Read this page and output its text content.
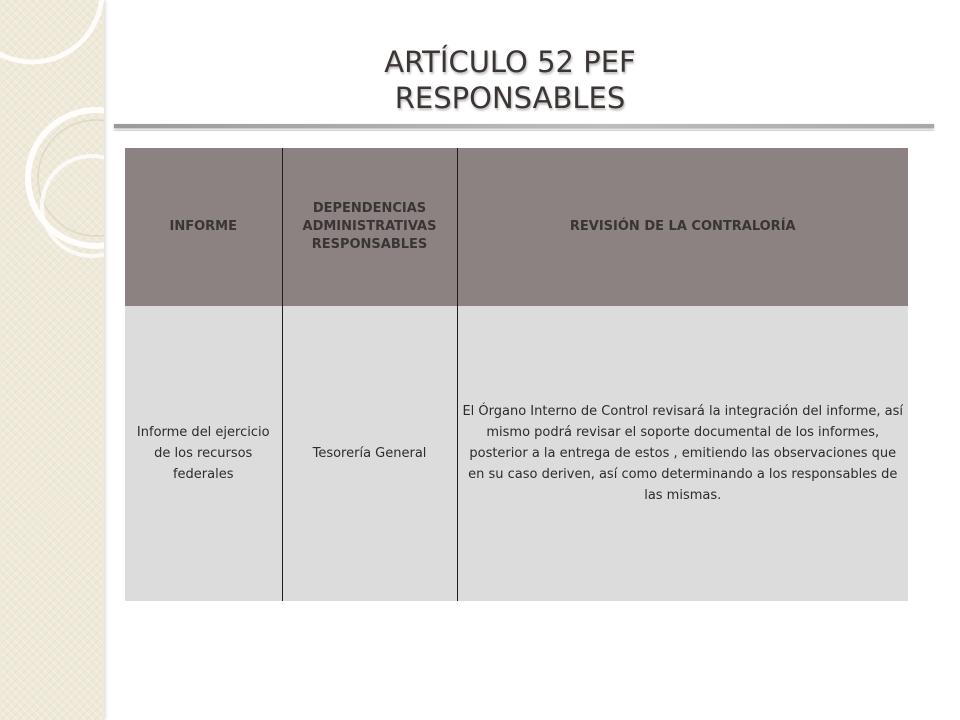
ARTÍCULO 52 PEF
RESPONSABLES
INFORME	DEPENDENCIAS ADMINISTRATIVAS RESPONSABLES	REVISIÓN DE LA CONTRALORÍA
Informe del ejercicio de los recursos federales	Tesorería General	El Órgano Interno de Control revisará la integración del informe, así mismo podrá revisar el soporte documental de los informes, posterior a la entrega de estos , emitiendo las observaciones que en su caso deriven, así como determinando a los responsables de las mismas.
